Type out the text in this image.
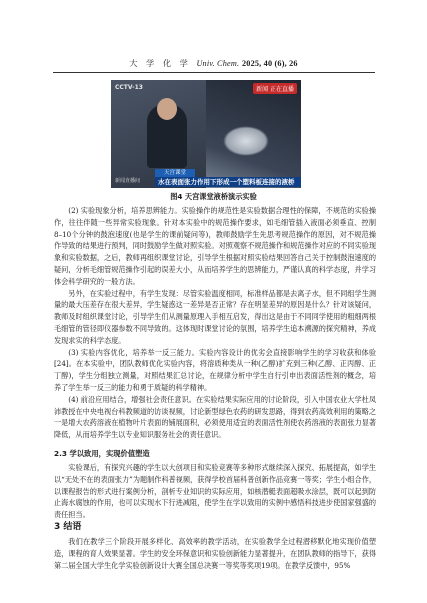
大 学 化 学 Univ. Chem. 2025, 40 (6), 26
CCTV-13	新闻 正在直播
新闻直播间
天宫课堂
水在表面张力作用下形成一个塑料板连接的液桥
图4 天宫课堂液桥演示实验

(2) 实验现象分析，培养思辨能力。实验操作的规范性是实验数据合理性的保障，不规范的实验操作，往往伴随一些异常实验现象。针对本实验中的规范操作要求，如毛细管插入液面必须垂直、控制8–10个分钟的鼓泡速度(也是学生的课前疑问等)，教师鼓励学生先思考规范操作的原因，对不规范操作导致的结果进行预判，同时鼓励学生做对照实验。对照观察不规范操作和规范操作对应的不同实验现象和实验数据，之后，教师再组织课堂讨论，引导学生根据对照实验结果回答自己关于控制鼓泡速度的疑问，分析毛细管规范操作引起的误差大小，从而培养学生的思辨能力，严谨认真的科学态度，并学习体会科学研究的一般方法。

另外，在实验过程中，有学生发现：尽管实验温度相同，标准样品都是去离子水，但不同组学生测量的最大压差存在很大差异，学生疑惑这一差异是否正常？存在明显差异的原因是什么？针对该疑问，教师及时组织课堂讨论，引导学生们从测量原理入手相互启发，得出这是由于不同同学使用的粗细两根毛细管的管径即仪器参数不同导致的。这体现时课堂讨论的氛围，培养学生追本溯源的探究精神，养成发现求实的科学态度。

(3) 实验内容优化，培养举一反三能力。实验内容设计的优劣会直接影响学生的学习收获和体验[24]。在本实验中，团队教师优化实验内容，将溶质种类从一种(乙醇)扩充到三种(乙醇、正丙醇、正丁醇)，学生分组独立测量，对照结果汇总讨论，在规律分析中学生自行引申出表面活性剂的概念，培养了学生举一反三的能力和勇于质疑的科学精神。

(4) 前沿应用结合，增强社会责任意识。在实验结果实际应用的讨论阶段，引入中国农业大学杜凤沛教授在中央电视台科教频道的访谈视频，讨论新型绿色农药的研发思路，得到农药高效利用的策略之一是增大农药溶液在植物叶片表面的铺展面积，必须使用适宜的表面活性剂使农药溶液的表面张力显著降低，从而培养学生以专业知识服务社会的责任意识。

2.3 学以致用，实现价值塑造

实验课后，有探究兴趣的学生以大创项目和实验竞赛等多种形式继续深入探究、拓展提高，如学生以“无处不在的表面张力”为题制作科普视频，获得学校首届科普创新作品竞赛一等奖；学生小组合作，以课程报告的形式进行案例分析，剖析专业知识的实际应用，如核潜艇表面超吸水涂层，既可以起到防止海水腐蚀的作用，也可以实现水下行进减阻，使学生在学以致用的实例中感悟科技进步使国家强盛的责任担当。

3 结语

我们在教学三个阶段开展多样化、高效率的教学活动，在实验教学全过程潜移默化地实现价值塑造，课程的育人效果显著。学生的安全环保意识和实验创新能力显著提升，在团队教师的指导下，获得第二届全国大学生化学实验创新设计大赛全国总决赛一等奖等奖项19项。在教学反馈中，95%
